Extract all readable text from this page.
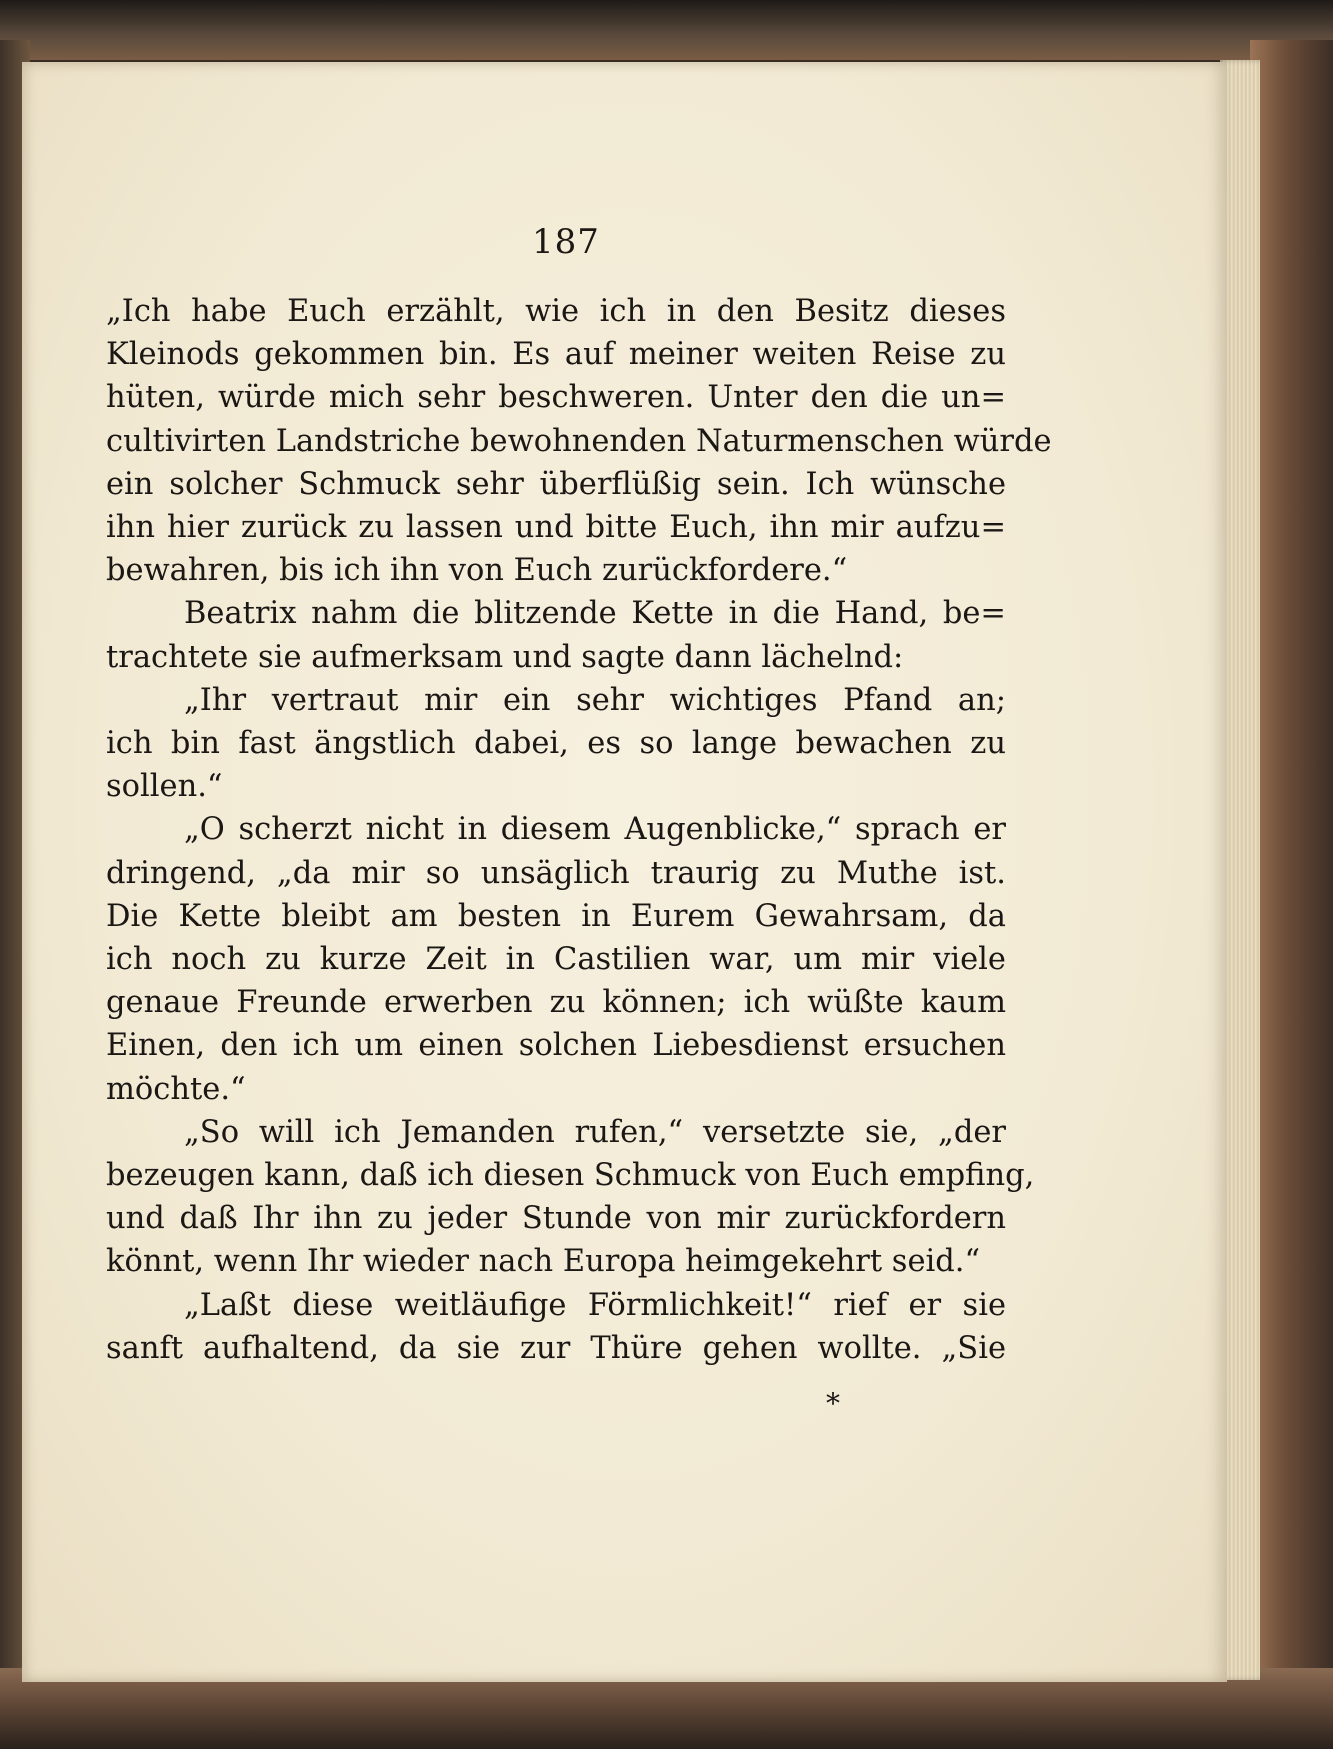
187
„Ich habe Euch erzählt, wie ich in den Besitz dieses
Kleinods gekommen bin. Es auf meiner weiten Reise zu
hüten, würde mich sehr beschweren. Unter den die un=
cultivirten Landstriche bewohnenden Naturmenschen würde
ein solcher Schmuck sehr überflüßig sein. Ich wünsche
ihn hier zurück zu lassen und bitte Euch, ihn mir aufzu=
bewahren, bis ich ihn von Euch zurückfordere.“
Beatrix nahm die blitzende Kette in die Hand, be=
trachtete sie aufmerksam und sagte dann lächelnd:
„Ihr vertraut mir ein sehr wichtiges Pfand an;
ich bin fast ängstlich dabei, es so lange bewachen zu
sollen.“
„O scherzt nicht in diesem Augenblicke,“ sprach er
dringend, „da mir so unsäglich traurig zu Muthe ist.
Die Kette bleibt am besten in Eurem Gewahrsam, da
ich noch zu kurze Zeit in Castilien war, um mir viele
genaue Freunde erwerben zu können; ich wüßte kaum
Einen, den ich um einen solchen Liebesdienst ersuchen
möchte.“
„So will ich Jemanden rufen,“ versetzte sie, „der
bezeugen kann, daß ich diesen Schmuck von Euch empfing,
und daß Ihr ihn zu jeder Stunde von mir zurückfordern
könnt, wenn Ihr wieder nach Europa heimgekehrt seid.“
„Laßt diese weitläufige Förmlichkeit!“ rief er sie
sanft aufhaltend, da sie zur Thüre gehen wollte. „Sie
*
